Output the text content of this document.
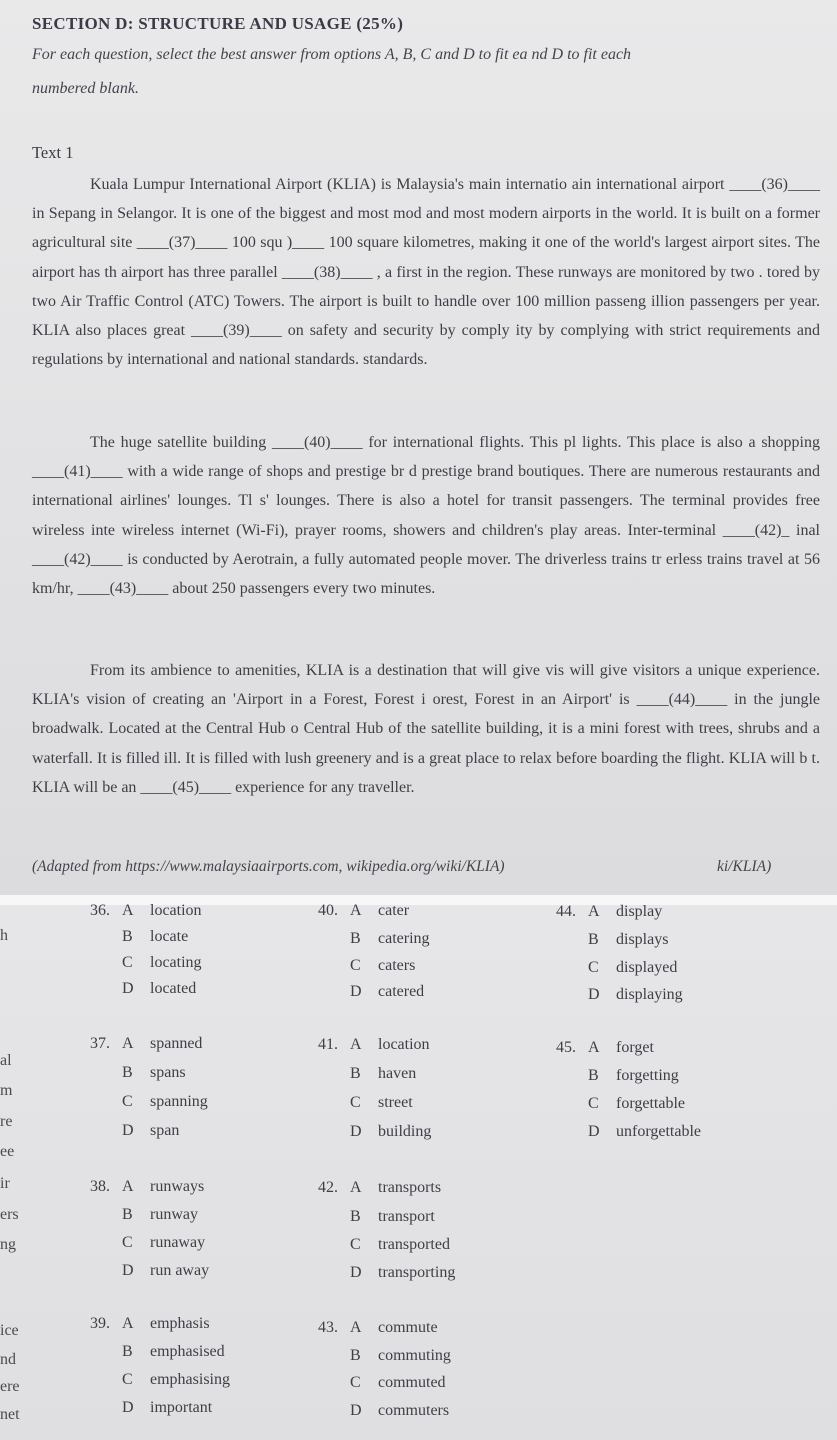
SECTION D: STRUCTURE AND USAGE (25%)
For each question, select the best answer from options A, B, C and D to fit ea nd D to fit each
numbered blank.
Text 1

Kuala Lumpur International Airport (KLIA) is Malaysia's main internatio ain international airport ____(36)____ in Sepang in Selangor. It is one of the biggest and most mod and most modern airports in the world. It is built on a former agricultural site ____(37)____ 100 squ )____ 100 square kilometres, making it one of the world's largest airport sites. The airport has th airport has three parallel ____(38)____ , a first in the region. These runways are monitored by two . tored by two Air Traffic Control (ATC) Towers. The airport is built to handle over 100 million passeng illion passengers per year. KLIA also places great ____(39)____ on safety and security by comply ity by complying with strict requirements and regulations by international and national standards. standards.

The huge satellite building ____(40)____ for international flights. This pl lights. This place is also a shopping ____(41)____ with a wide range of shops and prestige br d prestige brand boutiques. There are numerous restaurants and international airlines' lounges. Tl s' lounges. There is also a hotel for transit passengers. The terminal provides free wireless inte wireless internet (Wi-Fi), prayer rooms, showers and children's play areas. Inter-terminal ____(42)_ inal ____(42)____ is conducted by Aerotrain, a fully automated people mover. The driverless trains tr erless trains travel at 56 km/hr, ____(43)____ about 250 passengers every two minutes.

From its ambience to amenities, KLIA is a destination that will give vis will give visitors a unique experience. KLIA's vision of creating an 'Airport in a Forest, Forest i orest, Forest in an Airport' is ____(44)____ in the jungle broadwalk. Located at the Central Hub o Central Hub of the satellite building, it is a mini forest with trees, shrubs and a waterfall. It is filled ill. It is filled with lush greenery and is a great place to relax before boarding the flight. KLIA will b t. KLIA will be an ____(45)____ experience for any traveller.

(Adapted from https://www.malaysiaairports.com, wikipedia.org/wiki/KLIA)	ki/KLIA)
h
al
m
re
ee
ir
ers
ng
ice
nd
ere
net
36. A location
B locate
C locating
D located
37. A spanned
B spans
C spanning
D span
38. A runways
B runway
C runaway
D run away
39. A emphasis
B emphasised
C emphasising
D important
40. A cater
B catering
C caters
D catered
41. A location
B haven
C street
D building
42. A transports
B transport
C transported
D transporting
43. A commute
B commuting
C commuted
D commuters
44. A display
B displays
C displayed
D displaying
45. A forget
B forgetting
C forgettable
D unforgettable
